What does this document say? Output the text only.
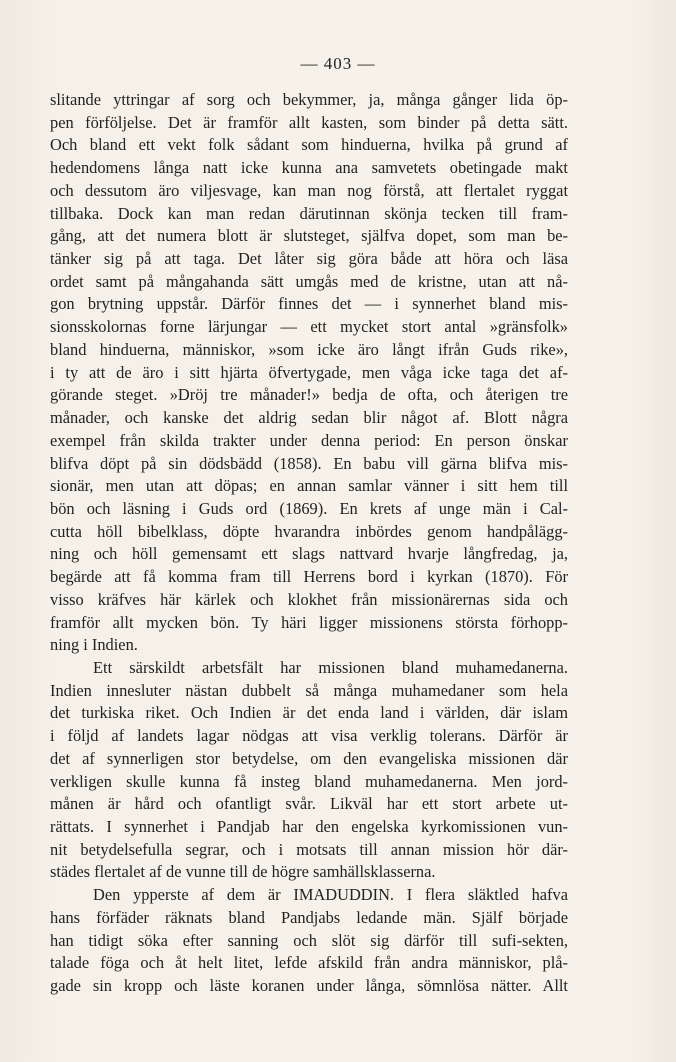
— 403 —
slitande yttringar af sorg och bekymmer, ja, många gånger lida öp-
pen förföljelse. Det är framför allt kasten, som binder på detta sätt.
Och bland ett vekt folk sådant som hinduerna, hvilka på grund af
hedendomens långa natt icke kunna ana samvetets obetingade makt
och dessutom äro viljesvage, kan man nog förstå, att flertalet ryggat
tillbaka. Dock kan man redan därutinnan skönja tecken till fram-
gång, att det numera blott är slutsteget, själfva dopet, som man be-
tänker sig på att taga. Det låter sig göra både att höra och läsa
ordet samt på mångahanda sätt umgås med de kristne, utan att nå-
gon brytning uppstår. Därför finnes det — i synnerhet bland mis-
sionsskolornas forne lärjungar — ett mycket stort antal »gränsfolk»
bland hinduerna, människor, »som icke äro långt ifrån Guds rike»,
i ty att de äro i sitt hjärta öfvertygade, men våga icke taga det af-
görande steget. »Dröj tre månader!» bedja de ofta, och återigen tre
månader, och kanske det aldrig sedan blir något af. Blott några
exempel från skilda trakter under denna period: En person önskar
blifva döpt på sin dödsbädd (1858). En babu vill gärna blifva mis-
sionär, men utan att döpas; en annan samlar vänner i sitt hem till
bön och läsning i Guds ord (1869). En krets af unge män i Cal-
cutta höll bibelklass, döpte hvarandra inbördes genom handpålägg-
ning och höll gemensamt ett slags nattvard hvarje långfredag, ja,
begärde att få komma fram till Herrens bord i kyrkan (1870). För
visso kräfves här kärlek och klokhet från missionärernas sida och
framför allt mycken bön. Ty häri ligger missionens största förhopp-
ning i Indien.
Ett särskildt arbetsfält har missionen bland muhamedanerna.
Indien innesluter nästan dubbelt så många muhamedaner som hela
det turkiska riket. Och Indien är det enda land i världen, där islam
i följd af landets lagar nödgas att visa verklig tolerans. Därför är
det af synnerligen stor betydelse, om den evangeliska missionen där
verkligen skulle kunna få insteg bland muhamedanerna. Men jord-
månen är hård och ofantligt svår. Likväl har ett stort arbete ut-
rättats. I synnerhet i Pandjab har den engelska kyrkomissionen vun-
nit betydelsefulla segrar, och i motsats till annan mission hör där-
städes flertalet af de vunne till de högre samhällsklasserna.
Den ypperste af dem är IMADUDDIN. I flera släktled hafva
hans förfäder räknats bland Pandjabs ledande män. Själf började
han tidigt söka efter sanning och slöt sig därför till sufi-sekten,
talade föga och åt helt litet, lefde afskild från andra människor, plå-
gade sin kropp och läste koranen under långa, sömnlösa nätter. Allt
